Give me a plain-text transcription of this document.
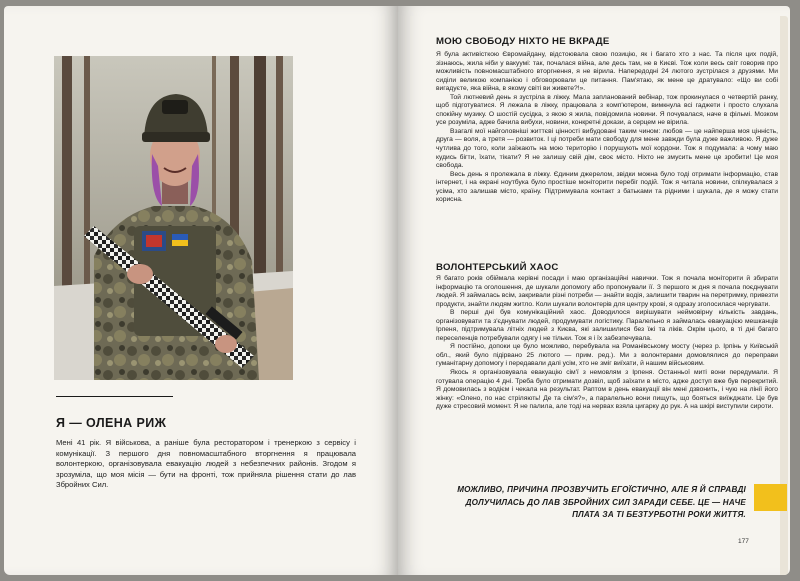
Я — ОЛЕНА РИЖ

Мені 41 рік. Я військова, а раніше була ресторатором і тренеркою з сервісу і комунікації. З першого дня повномасштабного вторгнення я працювала волонтеркою, організовувала евакуацію людей з небезпечних районів. Згодом я зрозуміла, що моя місія — бути на фронті, тож прийняла рішення стати до лав Збройних Сил.

МОЮ СВОБОДУ НІХТО НЕ ВКРАДЕ

Я була активісткою Євромайдану, відстоювала свою позицію, як і багато хто з нас. Та після цих подій, зізнаюсь, жила ніби у вакуумі: так, почалася війна, але десь там, не в Києві. Тож коли весь світ говорив про можливість повномасштабного вторгнення, я не вірила. Напередодні 24 лютого зустрілася з друзями. Ми сиділи великою компанією і обговорювали це питання. Пам'ятаю, як мене це дратувало: «Що ви собі вигадуєте, яка війна, в якому світі ви живете?!».

Той лютневий день я зустріла в ліжку. Мала запланований вебінар, тож прокинулася о четвертій ранку, щоб підготуватися. Я лежала в ліжку, працювала з комп'ютером, вимкнула всі гаджети і просто слухала спокійну музику. О шостій сусідка, з якою я жила, повідомила новини. Я почувалася, наче в фільмі. Мозком усе розуміла, адже бачила вибухи, новини, конкретні докази, а серцем не вірила.

Взагалі мої найголовніші життєві цінності вибудовані таким чином: любов — це найперша моя цінність, друга — воля, а третя — розвиток. І ці потреби мати свободу для мене завжди була дуже важливою. Я дуже чутлива до того, коли заїжають на мою територію і порушують мої кордони. Тож я подумала: а чому маю кудись бігти, їхати, тікати? Я не залишу свій дім, своє місто. Ніхто не змусить мене це зробити! Це моя свобода.

Весь день я пролежала в ліжку. Єдиним джерелом, звідки можна було тоді отримати інформацію, став інтернет, і на екрані ноутбука було простіше моніторити перебіг подій. Тож я читала новини, спілкувалася з усіма, хто залишав місто, країну. Підтримувала контакт з батьками та рідними і шукала, де я можу стати корисна.

ВОЛОНТЕРСЬКИЙ ХАОС

Я багато років обіймала керівні посади і маю організаційні навички. Тож я почала моніторити й збирати інформацію та оголошення, де шукали допомогу або пропонували її. З першого ж дня я почала поєднувати людей. Я займалась всім, закривали різні потреби — знайти водія, залишити тварин на перетримку, привезти продукти, знайти людям житло. Коли шукали волонтерів для центру крові, я одразу зголосилася чергувати.

В перші дні був комунікаційний хаос. Доводилося вирішувати неймовірну кількість завдань, організовувати та з'єднувати людей, продумувати логістику. Паралельно я займалась евакуацією мешканців Ірпеня, підтримувала літніх людей з Києва, які залишилися без їжі та ліків. Окрім цього, в ті дні багато переселенців потребували одягу і не тільки. Тож я і їх забезпечувала.

Я постійно, допоки це було можливо, перебувала на Романівському мосту (через р. Ірпінь у Київській обл., який було підірвано 25 лютого — прим. ред.). Ми з волонтерами домовлялися до переправи гуманітарну допомогу і передавали далі усім, хто не зміг виїхати, й нашим військовим.

Якось я організовувала евакуацію сім'ї з немовлям з Ірпеня. Останньої миті вони передумали. Я готувала операцію 4 дні. Треба було отримати дозвіл, щоб заїхати в місто, адже доступ вже був перекритий. Я домовилась з водієм і чекала на результат. Раптом в день евакуації він мені дзвонить, і чую на лінії його жінку: «Олено, по нас стріляють! Де та сім'я?», а паралельно вони пищуть, що бояться виїжджати. Це був дуже стресовий момент. Я не палила, але тоді на нервах взяла цигарку до рук. А на шкірі виступили сироти.

МОЖЛИВО, ПРИЧИНА ПРОЗВУЧИТЬ ЕГОЇСТИЧНО, АЛЕ Я Й СПРАВДІ ДОЛУЧИЛАСЬ ДО ЛАВ ЗБРОЙНИХ СИЛ ЗАРАДИ СЕБЕ. ЦЕ — НАЧЕ ПЛАТА ЗА ТІ БЕЗТУРБОТНІ РОКИ ЖИТТЯ.
177
